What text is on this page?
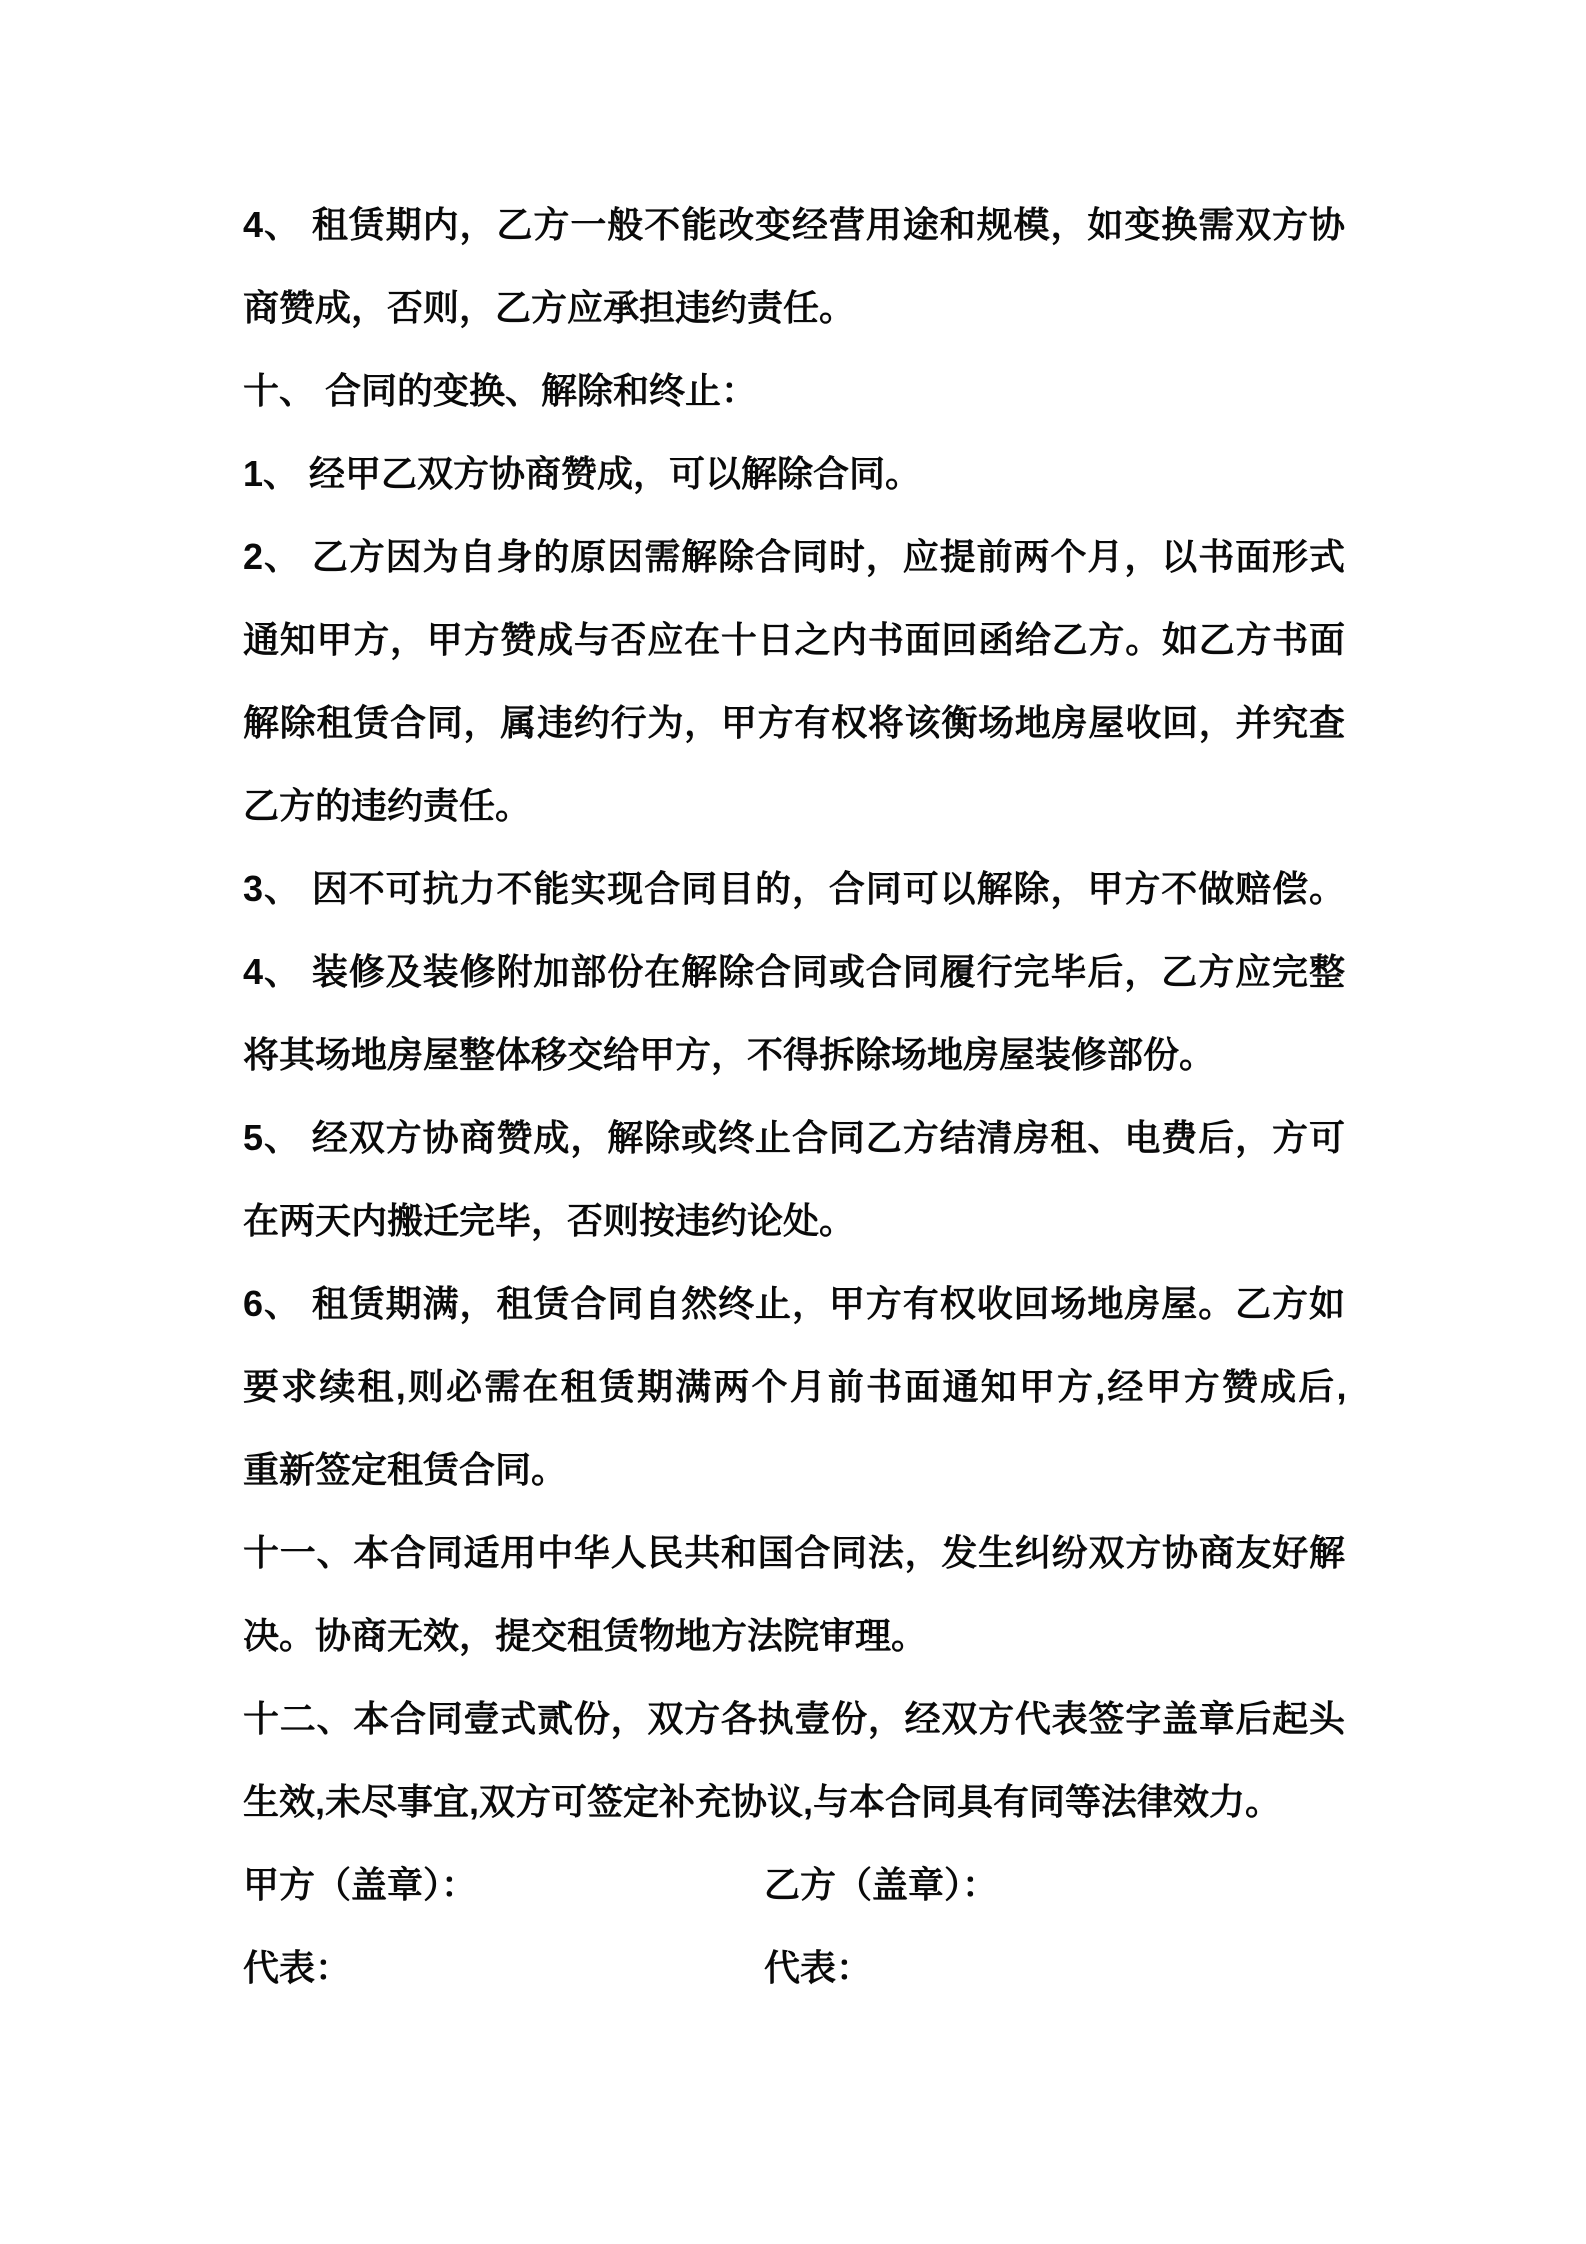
4、 租赁期内，乙方一般不能改变经营用途和规模，如变换需双方协
商赞成，否则，乙方应承担违约责任。
十、 合同的变换、解除和终止：
1、 经甲乙双方协商赞成，可以解除合同。
2、 乙方因为自身的原因需解除合同时，应提前两个月，以书面形式
通知甲方，甲方赞成与否应在十日之内书面回函给乙方。如乙方书面
解除租赁合同，属违约行为，甲方有权将该衡场地房屋收回，并究查
乙方的违约责任。
3、 因不可抗力不能实现合同目的，合同可以解除，甲方不做赔偿。
4、 装修及装修附加部份在解除合同或合同履行完毕后，乙方应完整
将其场地房屋整体移交给甲方，不得拆除场地房屋装修部份。
5、 经双方协商赞成，解除或终止合同乙方结清房租、电费后，方可
在两天内搬迁完毕，否则按违约论处。
6、 租赁期满，租赁合同自然终止，甲方有权收回场地房屋。乙方如
要求续租,则必需在租赁期满两个月前书面通知甲方,经甲方赞成后,
重新签定租赁合同。
十一、本合同适用中华人民共和国合同法，发生纠纷双方协商友好解
决。协商无效，提交租赁物地方法院审理。
十二、本合同壹式贰份，双方各执壹份，经双方代表签字盖章后起头
生效,未尽事宜,双方可签定补充协议,与本合同具有同等法律效力。
甲方（盖章）：	乙方（盖章）：
代表：	代表：
